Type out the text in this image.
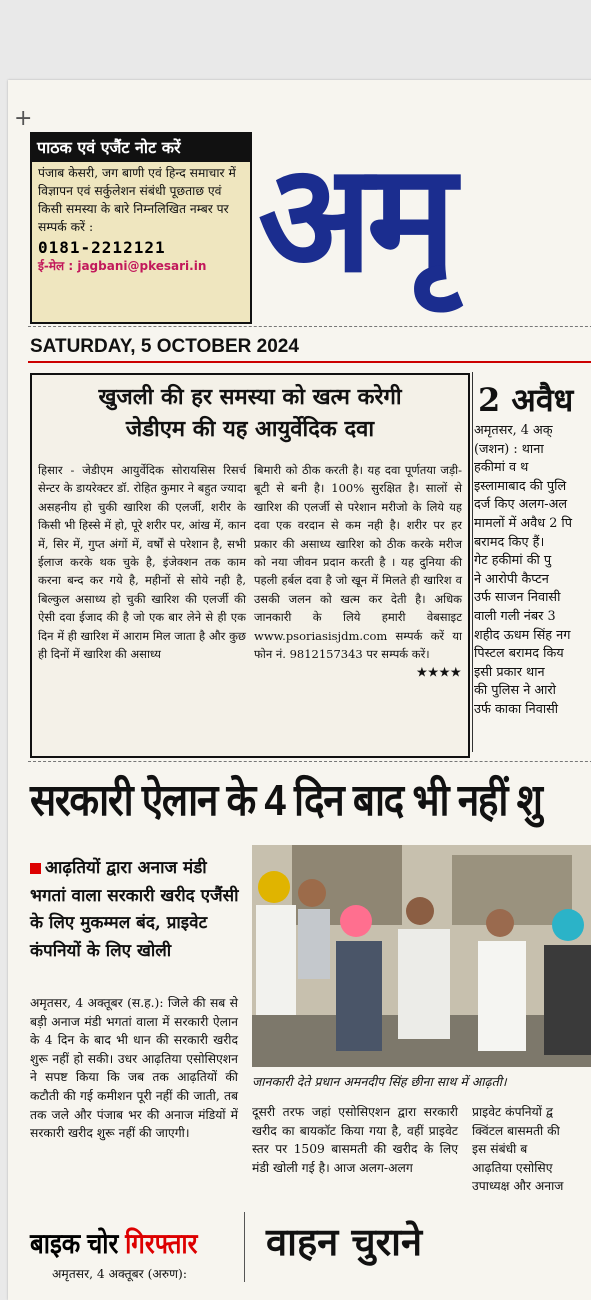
+
पाठक एवं एजैंट नोट करें
पंजाब केसरी, जग बाणी एवं हिन्द समाचार में विज्ञापन एवं सर्कुलेशन संबंधी पूछताछ एवं किसी समस्या के बारे निम्नलिखित नम्बर पर सम्पर्क करें :
0181-2212121
ई-मेल : jagbani@pkesari.in अमृ
SATURDAY, 5 OCTOBER 2024
खुजली की हर समस्या को खत्म करेगी
जेडीएम की यह आयुर्वेदिक दवा
हिसार - जेडीएम आयुर्वेदिक सोरायसिस रिसर्च सेन्टर के डायरेक्टर डॉ. रोहित कुमार ने बहुत ज्यादा असहनीय हो चुकी खारिश की एलर्जी, शरीर के किसी भी हिस्से में हो, पूरे शरीर पर, आंख में, कान में, सिर में, गुप्त अंगों में, वर्षों से परेशान है, सभी ईलाज करके थक चुके है, इंजेक्शन तक काम करना बन्द कर गये है, महीनों से सोये नही है, बिल्कुल असाध्य हो चुकी खारिश की एलर्जी की ऐसी दवा ईजाद की है जो एक बार लेने से ही एक दिन में ही खारिश में आराम मिल जाता है और कुछ ही दिनों में खारिश की असाध्य
बिमारी को ठीक करती है। यह दवा पूर्णतया जड़ी-बूटी से बनी है। 100% सुरक्षित है। सालों से खारिश की एलर्जी से परेशान मरीजो के लिये यह दवा एक वरदान से कम नही है। शरीर पर हर प्रकार की असाध्य खारिश को ठीक करके मरीज को नया जीवन प्रदान करती है । यह दुनिया की पहली हर्बल दवा है जो खून में मिलते ही खारिश व उसकी जलन को खत्म कर देती है। अधिक जानकारी के लिये हमारी वेबसाइट www.psoriasisjdm.com सम्पर्क करें या फोन नं. 9812157343 पर सम्पर्क करें।
★★★★
2 अवैध

अमृतसर, 4 अक्

(जशन) : थाना

हकीमां व थ

इस्लामाबाद की पुलि

दर्ज किए अलग-अल

मामलों में अवैध 2 पि

बरामद किए हैं।

गेट हकीमां की पु

ने आरोपी कैप्टन

उर्फ साजन निवासी

वाली गली नंबर 3

शहीद ऊधम सिंह नग

पिस्टल बरामद किय

इसी प्रकार थान

की पुलिस ने आरो

उर्फ काका निवासी

सरकारी ऐलान के 4 दिन बाद भी नहीं शु
आढ़तियों द्वारा अनाज मंडी भगतां वाला सरकारी खरीद एजैंसी के लिए मुकम्मल बंद, प्राइवेट कंपनियों के लिए खोली
अमृतसर, 4 अक्तूबर (स.ह.): जिले की सब से बड़ी अनाज मंडी भगतां वाला में सरकारी ऐलान के 4 दिन के बाद भी धान की सरकारी खरीद शुरू नहीं हो सकी। उधर आढ़तिया एसोसिएशन ने सपष्ट किया कि जब तक आढ़तियों की कटौती की गई कमीशन पूरी नहीं की जाती, तब तक जले और पंजाब भर की अनाज मंडियों में सरकारी खरीद शुरू नहीं की जाएगी।
जानकारी देते प्रधान अमनदीप सिंह छीना साथ में आढ़ती।
दूसरी तरफ जहां एसोसिएशन द्वारा सरकारी खरीद का बायकॉट किया गया है, वहीं प्राइवेट स्तर पर 1509 बासमती की खरीद के लिए मंडी खोली गई है। आज अलग-अलग

प्राइवेट कंपनियों द्व

क्विंटल बासमती की

इस संबंधी ब

आढ़तिया एसोसिए

उपाध्यक्ष और अनाज

बाइक चोर गिरफ्तार
अमृतसर, 4 अक्तूबर (अरुण):
वाहन चुराने
